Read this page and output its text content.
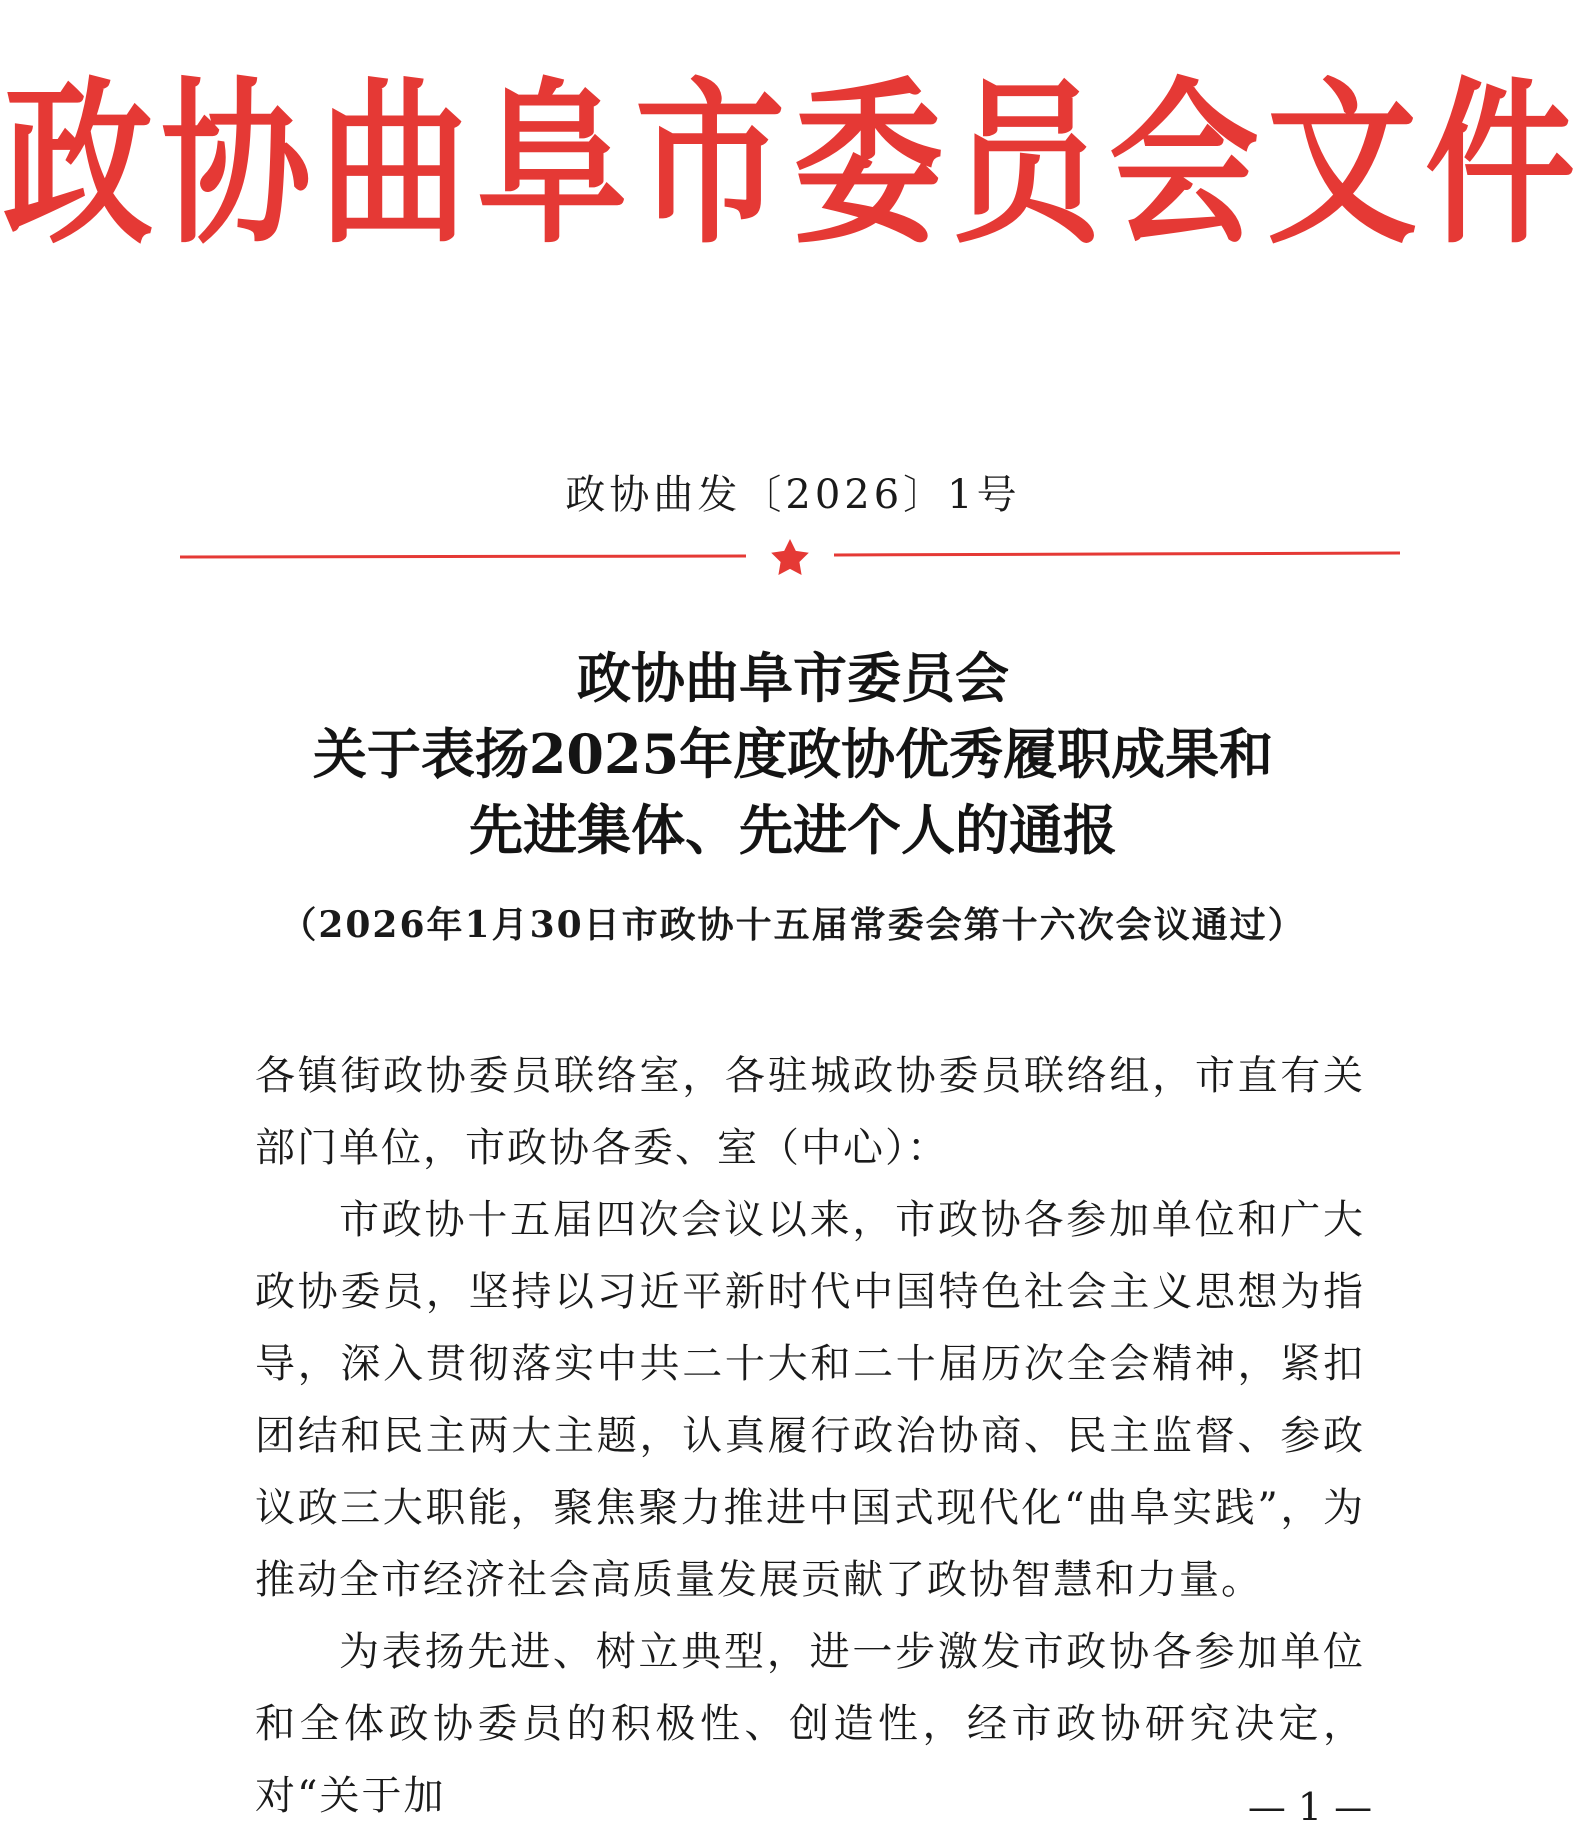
政协曲阜市委员会文件
政协曲发〔2026〕1号
政协曲阜市委员会
关于表扬2025年度政协优秀履职成果和
先进集体、先进个人的通报
（2026年1月30日市政协十五届常委会第十六次会议通过）

各镇街政协委员联络室，各驻城政协委员联络组，市直有关部门单位，市政协各委、室（中心）：

市政协十五届四次会议以来，市政协各参加单位和广大政协委员，坚持以习近平新时代中国特色社会主义思想为指导，深入贯彻落实中共二十大和二十届历次全会精神，紧扣团结和民主两大主题，认真履行政治协商、民主监督、参政议政三大职能，聚焦聚力推进中国式现代化“曲阜实践”，为推动全市经济社会高质量发展贡献了政协智慧和力量。

为表扬先进、树立典型，进一步激发市政协各参加单位和全体政协委员的积极性、创造性，经市政协研究决定，对“关于加	— 1 —
